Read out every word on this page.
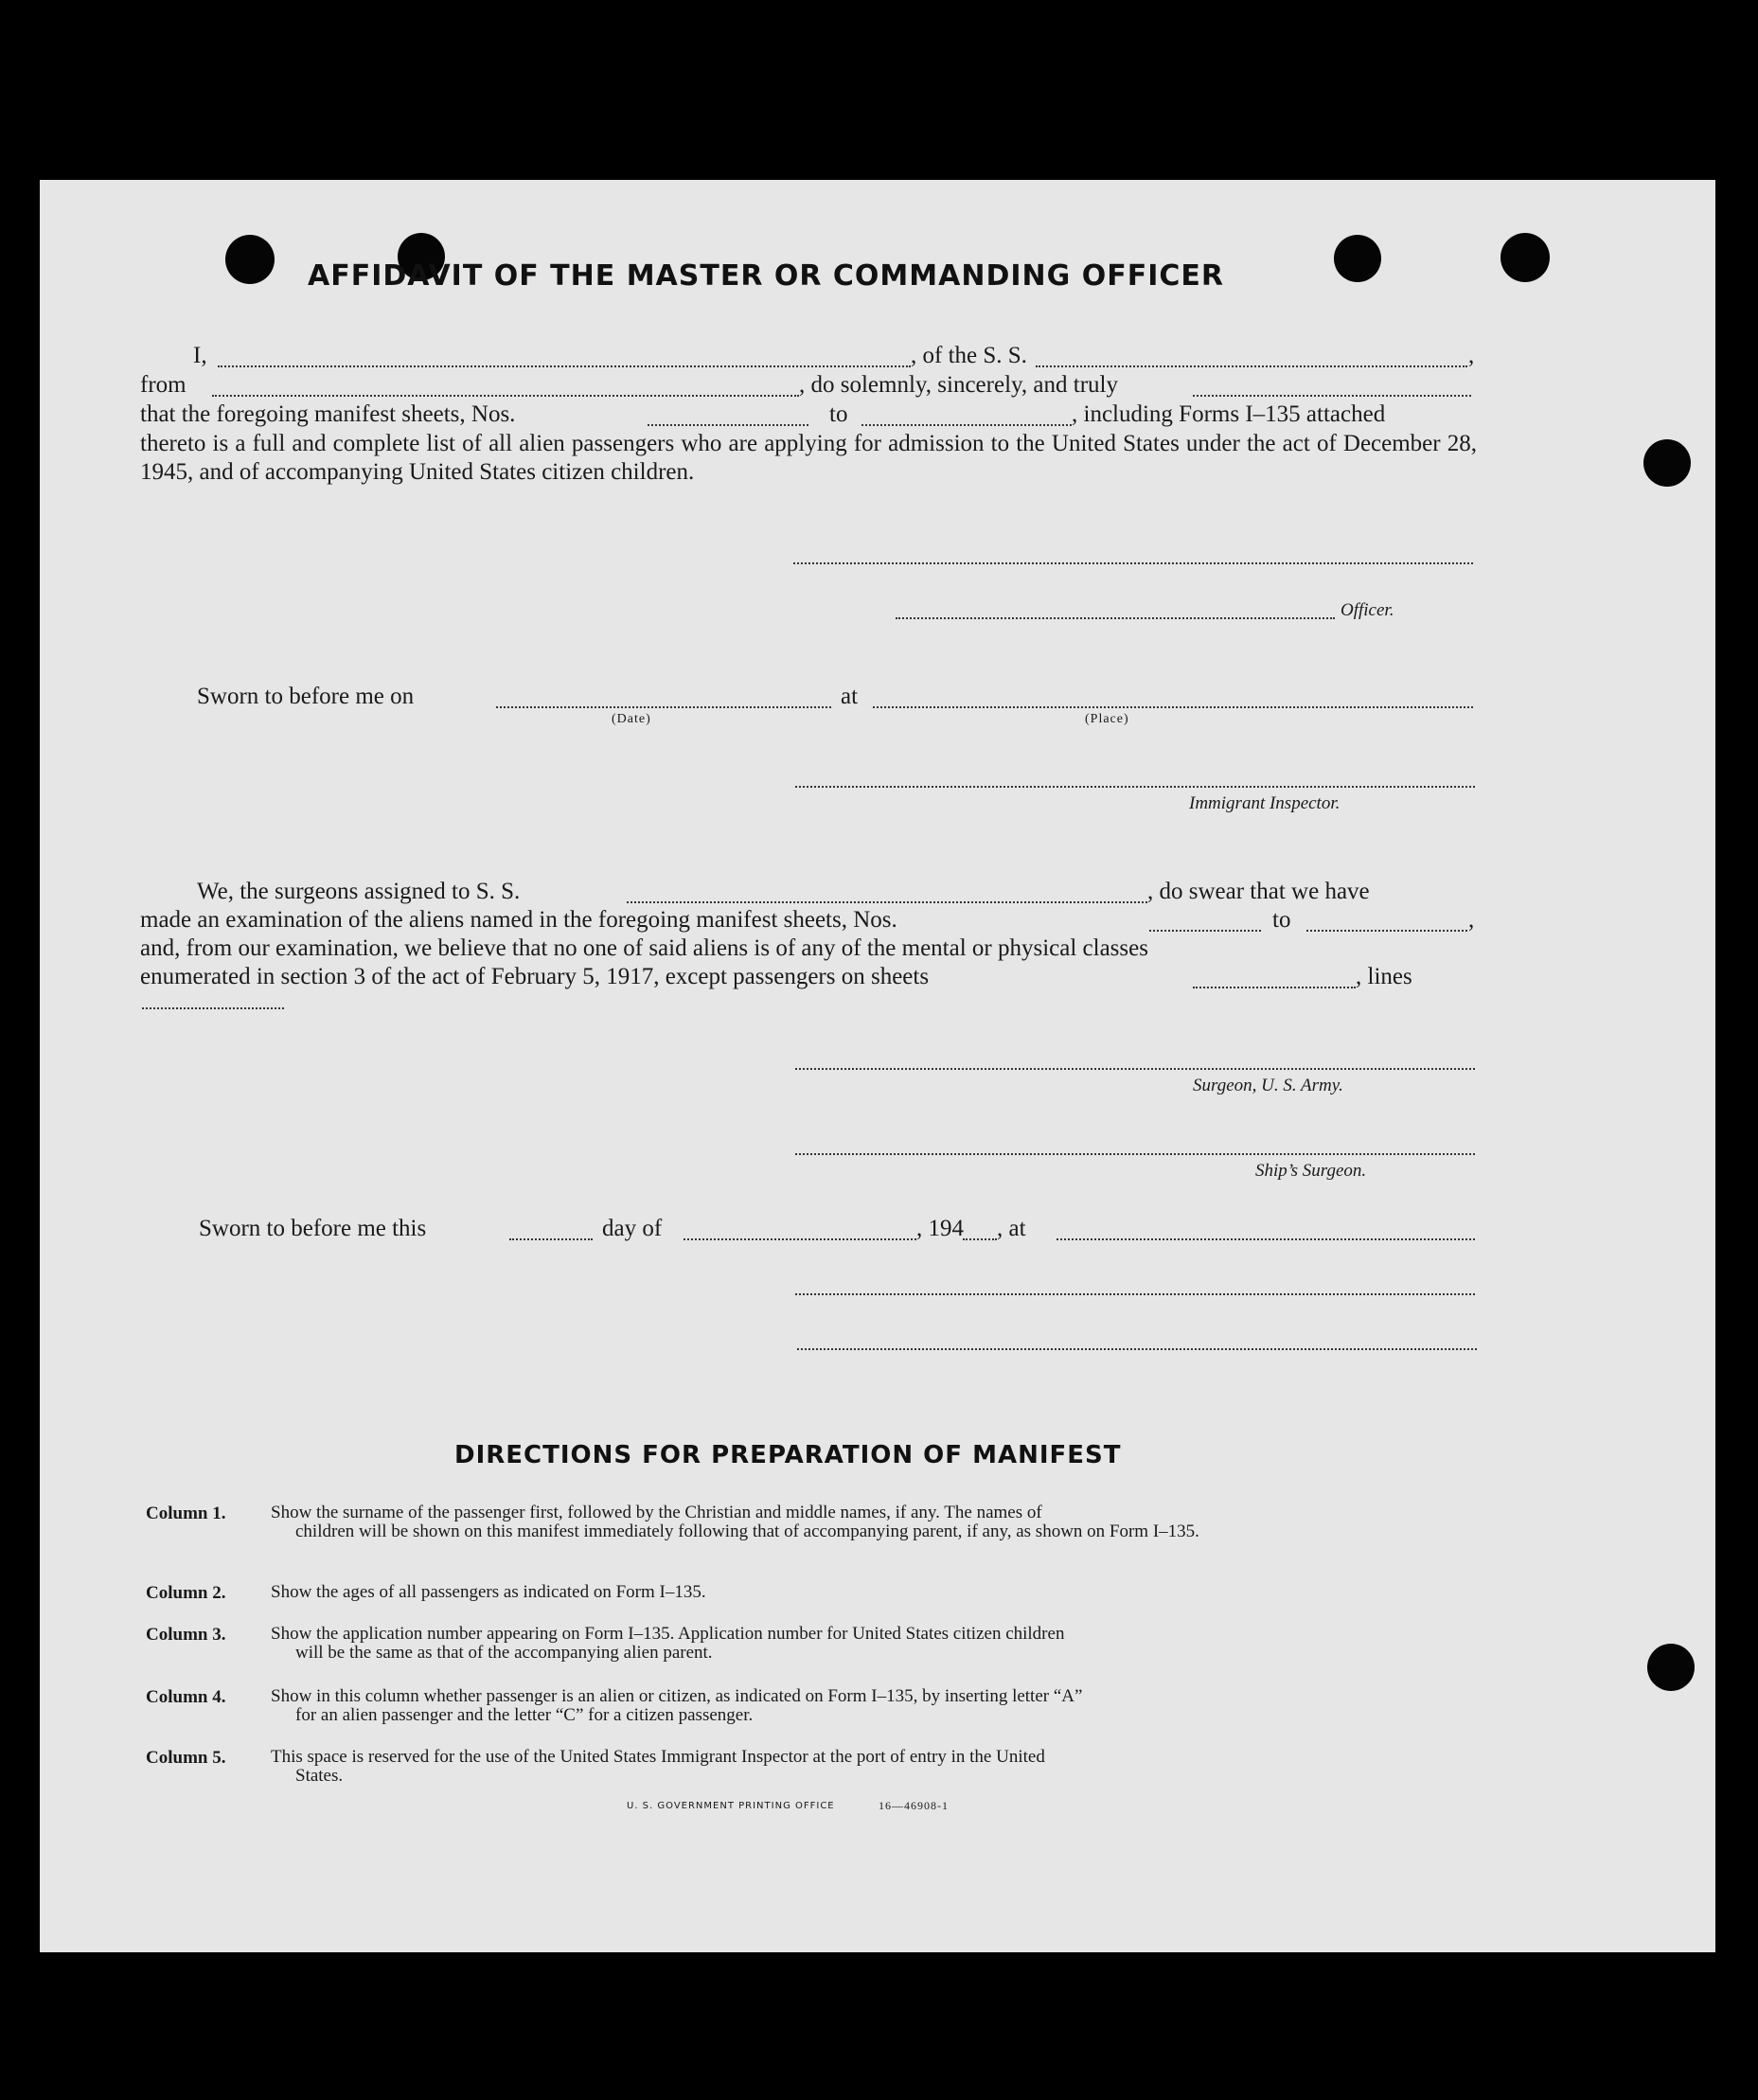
AFFIDAVIT OF THE MASTER OR COMMANDING OFFICER
I,	, of the S. S.	,
from	, do solemnly, sincerely, and truly
that the foregoing manifest sheets, Nos.	to	, including Forms I–135 attached
thereto is a full and complete list of all alien passengers who are applying for admission to the United States under the act of December 28, 1945, and of accompanying United States citizen children.
Officer.
Sworn to before me on	at
(Date)	(Place)
Immigrant Inspector.
We, the surgeons assigned to S. S.	, do swear that we have
made an examination of the aliens named in the foregoing manifest sheets, Nos.	to	,
and, from our examination, we believe that no one of said aliens is of any of the mental or physical classes
enumerated in section 3 of the act of February 5, 1917, except passengers on sheets	, lines
Surgeon, U. S. Army.
Ship’s Surgeon.
Sworn to before me this	day of	, 194 , at
DIRECTIONS FOR PREPARATION OF MANIFEST
Column 1.	Show the surname of the passenger first, followed by the Christian and middle names, if any. The names of
children will be shown on this manifest immediately following that of accompanying parent, if any, as shown on Form I–135.
Column 2.	Show the ages of all passengers as indicated on Form I–135.
Column 3.	Show the application number appearing on Form I–135. Application number for United States citizen children
will be the same as that of the accompanying alien parent.
Column 4.	Show in this column whether passenger is an alien or citizen, as indicated on Form I–135, by inserting letter “A”
for an alien passenger and the letter “C” for a citizen passenger.
Column 5.	This space is reserved for the use of the United States Immigrant Inspector at the port of entry in the United
States.
U. S. GOVERNMENT PRINTING OFFICE	16—46908-1
